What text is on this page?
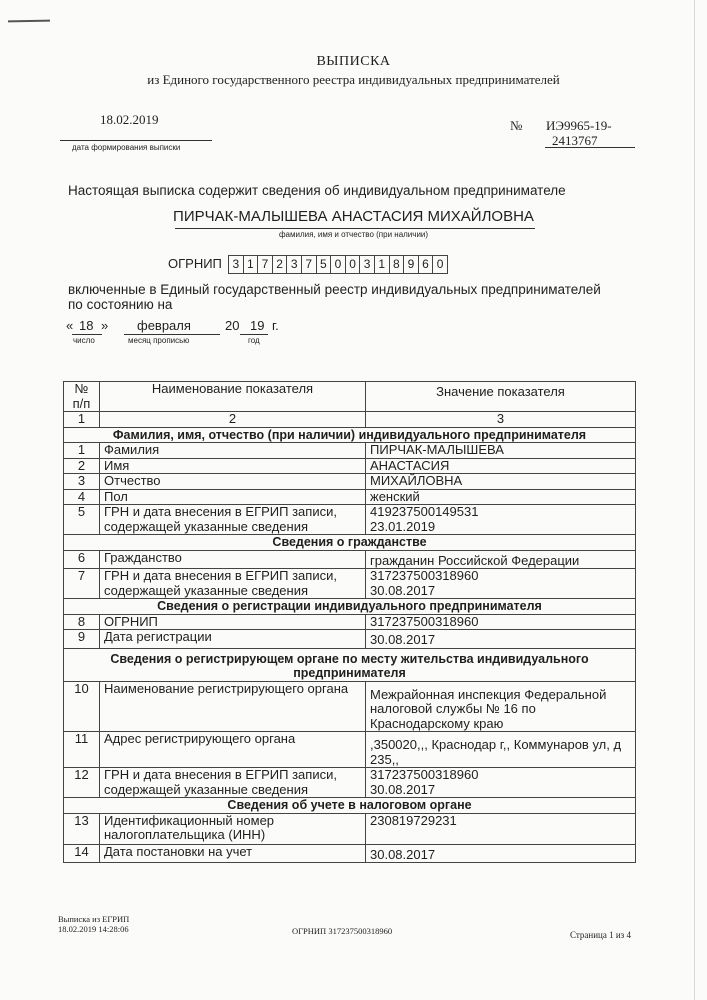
ВЫПИСКА
из Единого государственного реестра индивидуальных предпринимателей
18.02.2019
дата формирования выписки
№ ИЭ9965-19-
2413767
Настоящая выписка содержит сведения об индивидуальном предпринимателе
ПИРЧАК-МАЛЫШЕВА АНАСТАСИЯ МИХАЙЛОВНА
фамилия, имя и отчество (при наличии)
ОГРНИП 3 1 7 2 3 7 5 0 0 3 1 8 9 6 0
включенные в Единый государственный реестр индивидуальных предпринимателей по состоянию на
« 18 » февраля	20 19 г.
число	месяц прописью	год
№ п/п	Наименование показателя	Значение показателя
1	2	3
Фамилия, имя, отчество (при наличии) индивидуального предпринимателя		
1	Фамилия	ПИРЧАК-МАЛЫШЕВА
2	Имя	АНАСТАСИЯ
3	Отчество	МИХАЙЛОВНА
4	Пол	женский
5	ГРН и дата внесения в ЕГРИП записи, содержащей указанные сведения	419237500149531
23.01.2019

Сведения о гражданстве		
6	Гражданство	гражданин Российской Федерации
7	ГРН и дата внесения в ЕГРИП записи, содержащей указанные сведения	317237500318960
30.08.2017

Сведения о регистрации индивидуального предпринимателя		
8	ОГРНИП	317237500318960
9	Дата регистрации	30.08.2017

Сведения о регистрирующем органе по месту жительства индивидуального
предпринимателя		

10	Наименование регистрирующего органа	Межрайонная инспекция Федеральной налоговой службы № 16 по Краснодарскому краю
11	Адрес регистрирующего органа	,350020,,, Краснодар г,, Коммунаров ул, д 235,,
12	ГРН и дата внесения в ЕГРИП записи, содержащей указанные сведения	317237500318960
30.08.2017

Сведения об учете в налоговом органе		
13	Идентификационный номер налогоплательщика (ИНН)	230819729231
14	Дата постановки на учет	30.08.2017
Выписка из ЕГРИП
18.02.2019 14:28:06	ОГРНИП 317237500318960	Страница 1 из 4
